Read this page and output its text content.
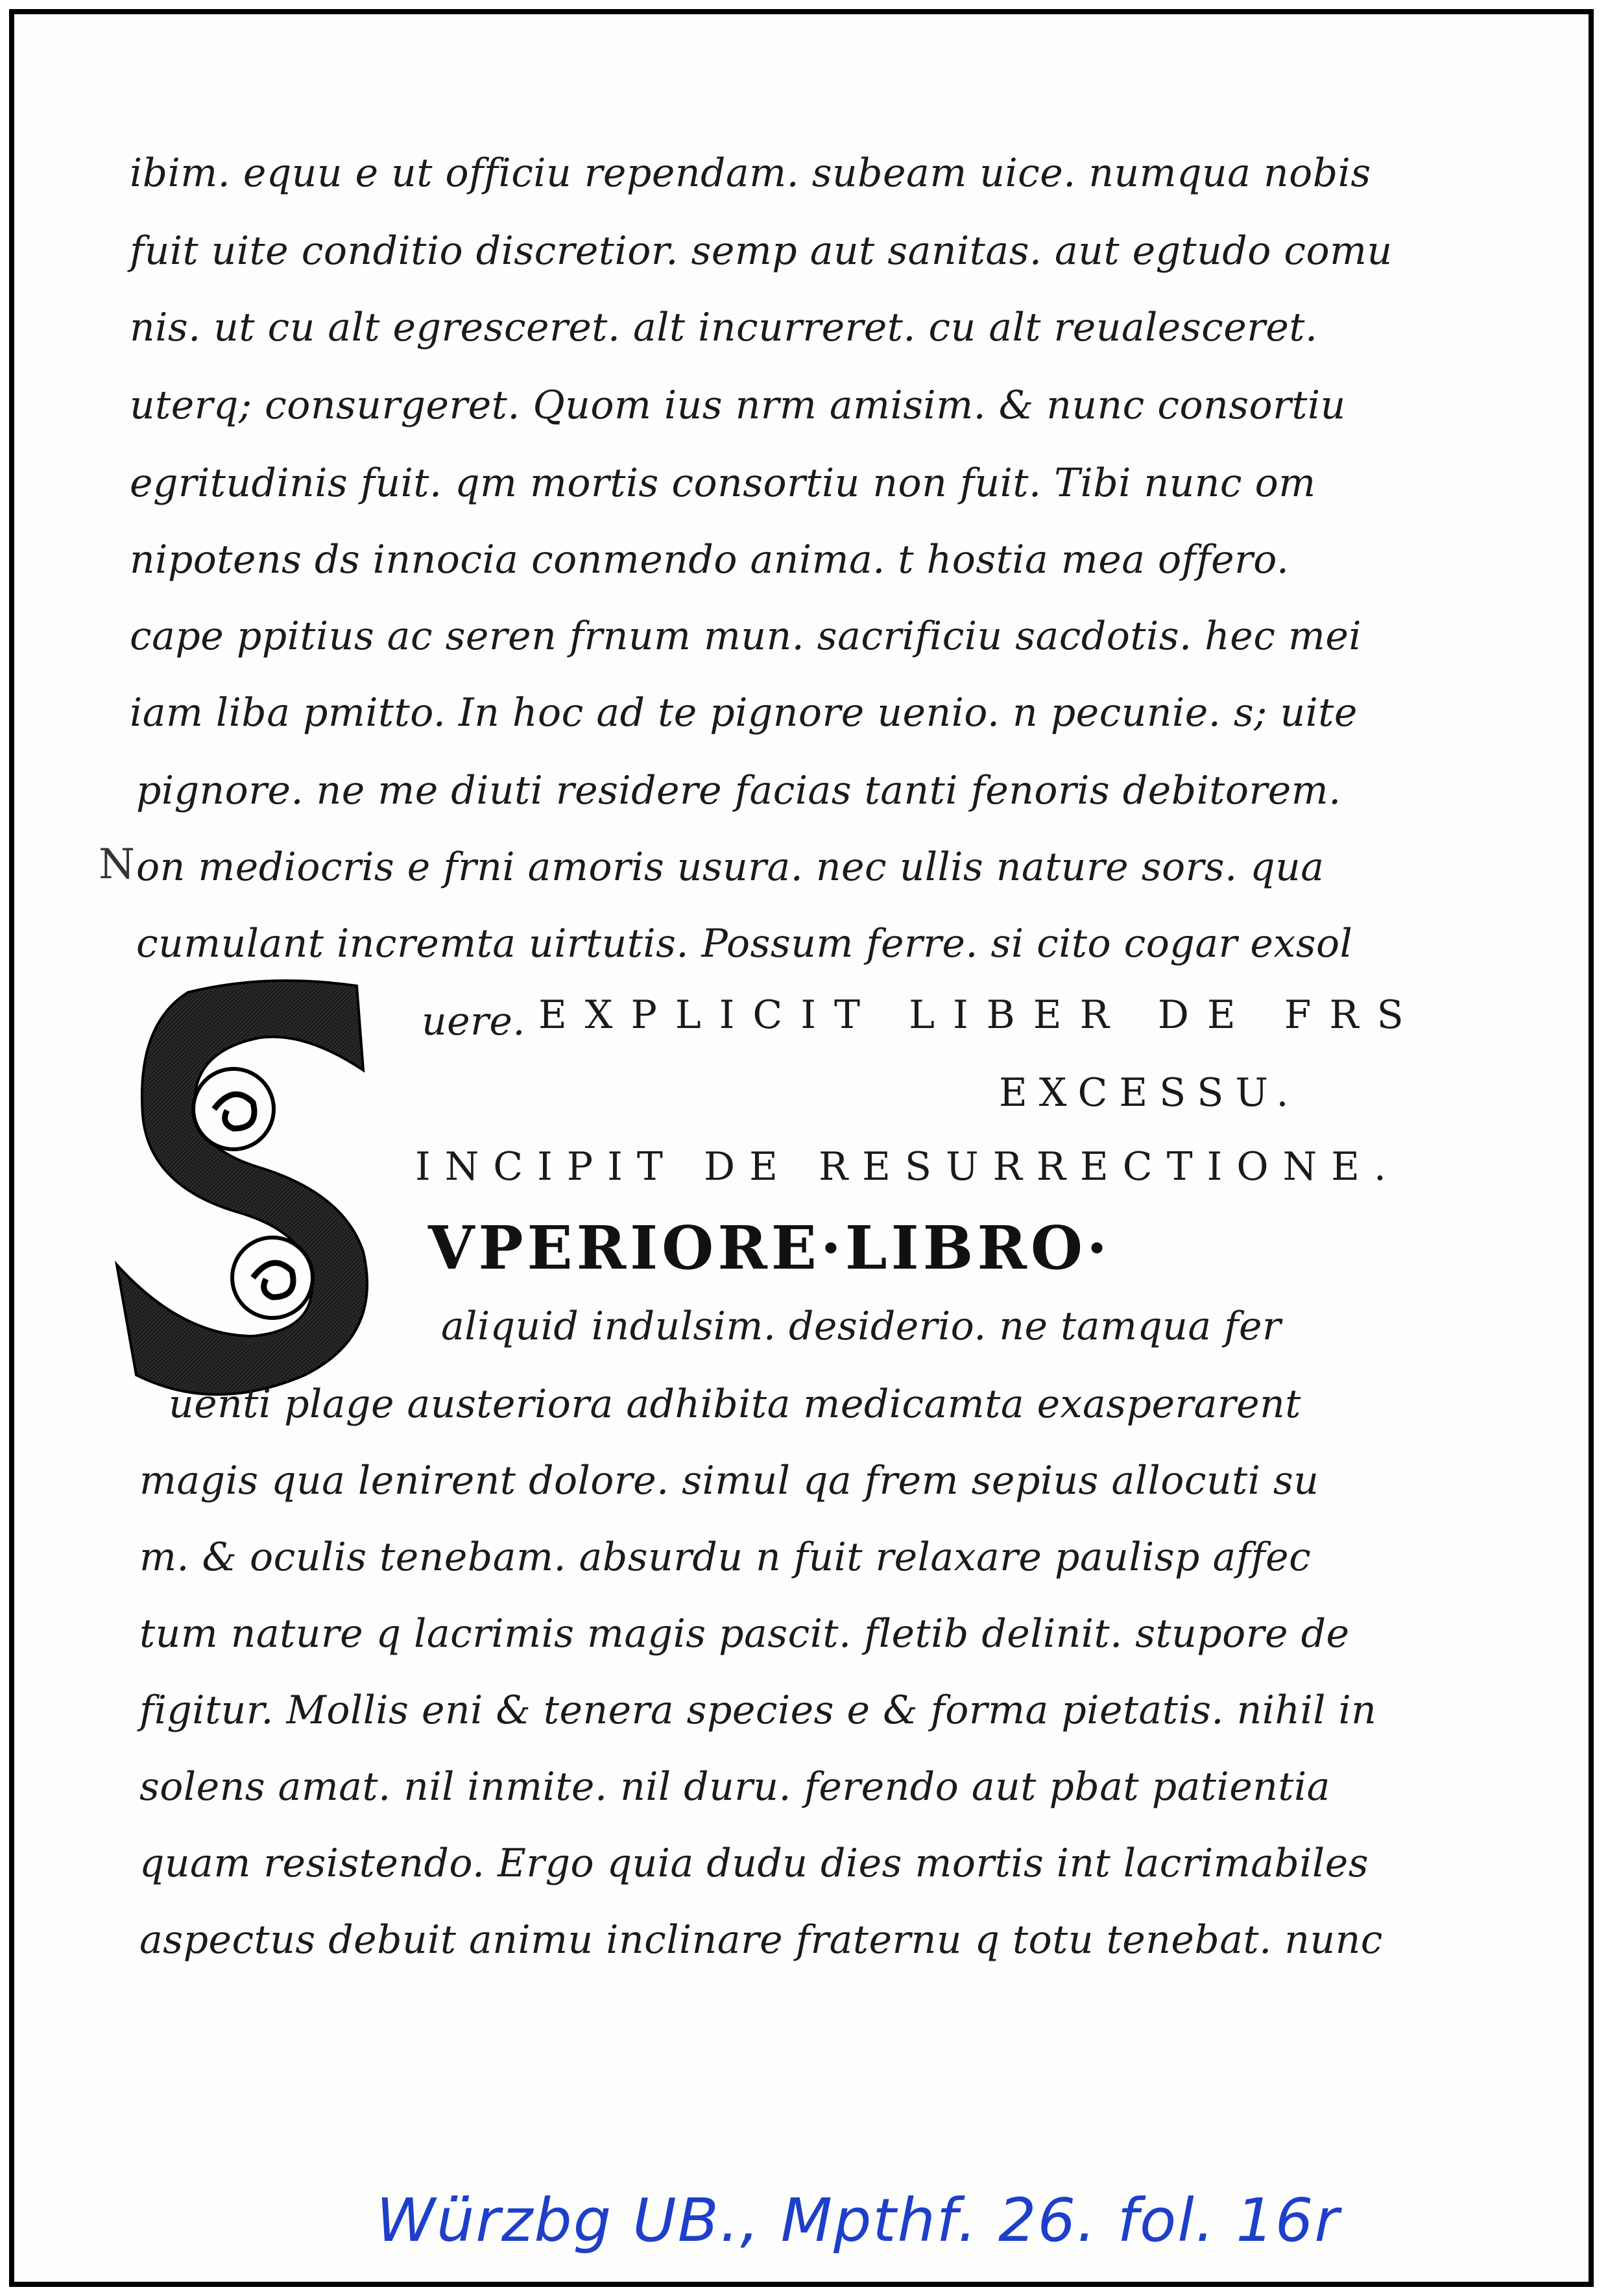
ibim. equu e ut officiu rependam. subeam uice. numqua nobis
fuit uite conditio discretior. semp aut sanitas. aut egtudo comu
nis. ut cu alt egresceret. alt incurreret. cu alt reualesceret.
uterq; consurgeret. Quom ius nrm amisim. & nunc consortiu
egritudinis fuit. qm mortis consortiu non fuit. Tibi nunc om
nipotens ds innocia conmendo anima. t hostia mea offero.
cape ppitius ac seren frnum mun. sacrificiu sacdotis. hec mei
iam liba pmitto. In hoc ad te pignore uenio. n pecunie. s; uite
pignore. ne me diuti residere facias tanti fenoris debitorem.
N on mediocris e frni amoris usura. nec ullis nature sors. qua
cumulant incremta uirtutis. Possum ferre. si cito cogar exsol
uere. EXPLICIT LIBER DE FRS
EXCESSU.
INCIPIT DE RESURRECTIONE.
VPERIORE·LIBRO·
aliquid indulsim. desiderio. ne tamqua fer
uenti plage austeriora adhibita medicamta exasperarent
magis qua lenirent dolore. simul qa frem sepius allocuti su
m. & oculis tenebam. absurdu n fuit relaxare paulisp affec
tum nature q lacrimis magis pascit. fletib delinit. stupore de
figitur. Mollis eni & tenera species e & forma pietatis. nihil in
solens amat. nil inmite. nil duru. ferendo aut pbat patientia
quam resistendo. Ergo quia dudu dies mortis int lacrimabiles
aspectus debuit animu inclinare fraternu q totu tenebat. nunc
Würzbg UB., Mpthf. 26. fol. 16r
